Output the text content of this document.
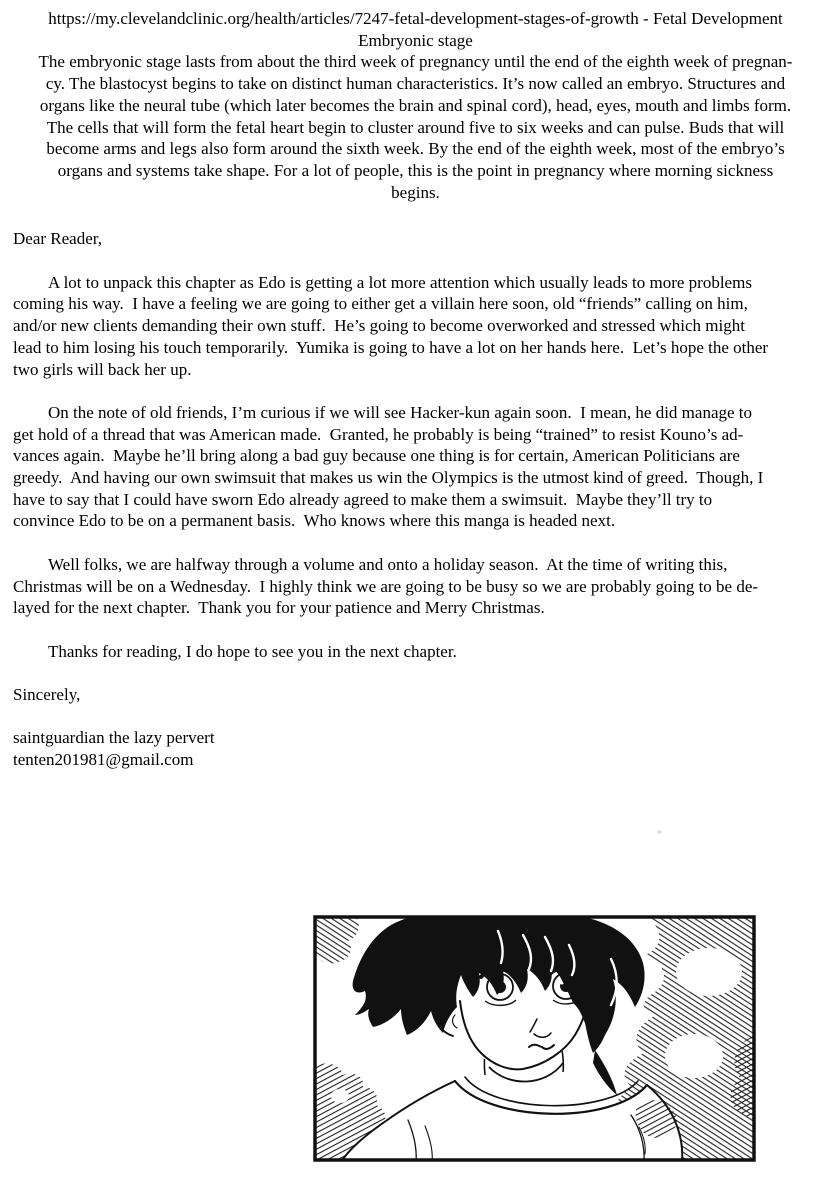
https://my.clevelandclinic.org/health/articles/7247-fetal-development-stages-of-growth - Fetal Development
Embryonic stage
The embryonic stage lasts from about the third week of pregnancy until the end of the eighth week of pregnan-
cy. The blastocyst begins to take on distinct human characteristics. It’s now called an embryo. Structures and
organs like the neural tube (which later becomes the brain and spinal cord), head, eyes, mouth and limbs form.
The cells that will form the fetal heart begin to cluster around five to six weeks and can pulse. Buds that will
become arms and legs also form around the sixth week. By the end of the eighth week, most of the embryo’s
organs and systems take shape. For a lot of people, this is the point in pregnancy where morning sickness
begins.
Dear Reader,
A lot to unpack this chapter as Edo is getting a lot more attention which usually leads to more problems
coming his way.  I have a feeling we are going to either get a villain here soon, old “friends” calling on him,
and/or new clients demanding their own stuff.  He’s going to become overworked and stressed which might
lead to him losing his touch temporarily.  Yumika is going to have a lot on her hands here.  Let’s hope the other
two girls will back her up.
On the note of old friends, I’m curious if we will see Hacker-kun again soon.  I mean, he did manage to
get hold of a thread that was American made.  Granted, he probably is being “trained” to resist Kouno’s ad-
vances again.  Maybe he’ll bring along a bad guy because one thing is for certain, American Politicians are
greedy.  And having our own swimsuit that makes us win the Olympics is the utmost kind of greed.  Though, I
have to say that I could have sworn Edo already agreed to make them a swimsuit.  Maybe they’ll try to
convince Edo to be on a permanent basis.  Who knows where this manga is headed next.
Well folks, we are halfway through a volume and onto a holiday season.  At the time of writing this,
Christmas will be on a Wednesday.  I highly think we are going to be busy so we are probably going to be de-
layed for the next chapter.  Thank you for your patience and Merry Christmas.
Thanks for reading, I do hope to see you in the next chapter.
Sincerely,
saintguardian the lazy pervert
tenten201981@gmail.com
